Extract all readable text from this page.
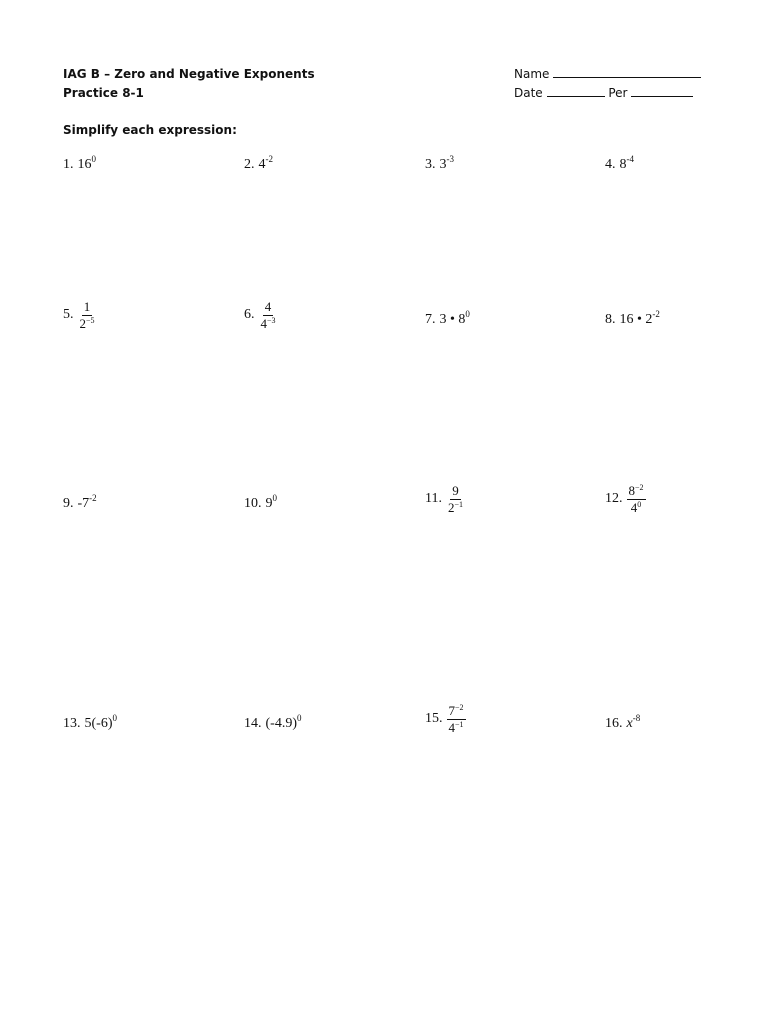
IAG B – Zero and Negative Exponents
Practice 8-1
Name
Date	Per
Simplify each expression:
1. $16^0$	2. $4^{-2}$	3. $3^{-3}$	4. $8^{-4}$
5. $\frac{1}{2^{-5}}$	6. $\frac{4}{4^{-3}}$	7. 3 • $8^0$	8. 16 • $2^{-2}$
9. $-7^{-2}$	10. $9^0$	11. $\frac{9}{2^{-1}}$	12. $\frac{8^{-2}}{4^0}$
13. $5(-6)^0$	14. $(-4.9)^0$	15. $\frac{7^{-2}}{4^{-1}}$	16. $x^{-8}$
